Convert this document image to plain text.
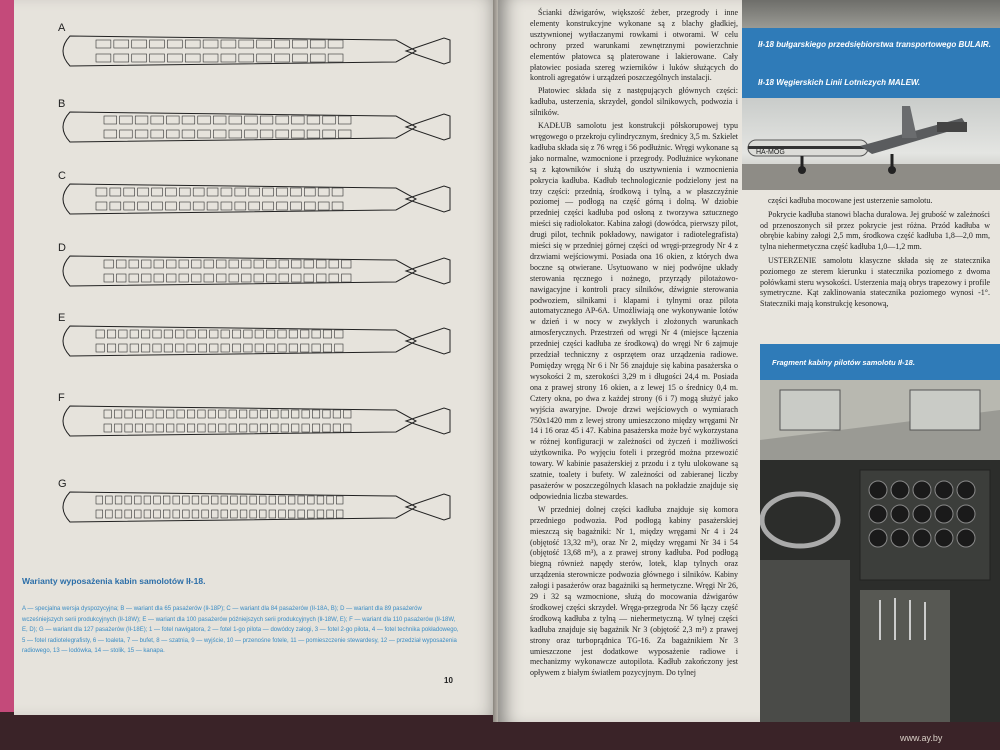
A
B
C
D
E
F
G
Warianty wyposażenia kabin samolotów Ił-18.
A — specjalna wersja dyspozycyjna; B — wariant dla 65 pasażerów (Ił-18P); C — wariant dla 84 pasażerów (Ił-18A, B); D — wariant dla 89 pasażerów wcześniejszych serii produkcyjnych (Ił-18W); E — wariant dla 100 pasażerów późniejszych serii produkcyjnych (Ił-18W, E); F — wariant dla 110 pasażerów (Ił-18W, E, D); G — wariant dla 127 pasażerów (Ił-18E); 1 — fotel nawigatora, 2 — fotel 1-go pilota — dowódcy załogi, 3 — fotel 2-go pilota, 4 — fotel technika pokładowego, 5 — fotel radiotelegrafisty, 6 — toaleta, 7 — bufet, 8 — szatnia, 9 — wyjście, 10 — przenośne fotele, 11 — pomieszczenie stewardesy, 12 — przedział wyposażenia radiowego, 13 — lodówka, 14 — stolik, 15 — kanapa.
10

Ścianki dźwigarów, większość żeber, przegrody i inne elementy konstrukcyjne wykonane są z blachy gładkiej, usztywnionej wytłaczanymi rowkami i otworami. W celu ochrony przed warunkami zewnętrznymi powierzchnie elementów płatowca są platerowane i lakierowane. Cały płatowiec posiada szereg wzierników i luków służących do kontroli agregatów i urządzeń poszczególnych instalacji.

Płatowiec składa się z następujących głównych części: kadłuba, usterzenia, skrzydeł, gondol silnikowych, podwozia i silników.

KADŁUB samolotu jest konstrukcji półskorupowej typu wręgowego o przekroju cylindrycznym, średnicy 3,5 m. Szkielet kadłuba składa się z 76 wręg i 56 podłużnic. Wręgi wykonane są jako normalne, wzmocnione i przegrody. Podłużnice wykonane są z kątowników i służą do usztywnienia i wzmocnienia pokrycia kadłuba. Kadłub technologicznie podzielony jest na trzy części: przednią, środkową i tylną, a w płaszczyźnie poziomej — podłogą na część górną i dolną. W dziobie przedniej części kadłuba pod osłoną z tworzywa sztucznego mieści się radiolokator. Kabina załogi (dowódca, pierwszy pilot, drugi pilot, technik pokładowy, nawigator i radiotelegrafista) mieści się w przedniej górnej części od wręgi-przegrody Nr 4 z drzwiami wejściowymi. Posiada ona 16 okien, z których dwa boczne są otwierane. Usytuowano w niej podwójne układy sterowania ręcznego i nożnego, przyrządy pilotażowo-nawigacyjne i kontroli pracy silników, dźwignie sterowania podwoziem, silnikami i klapami i tylnymi oraz pilota automatycznego AP-6A. Umożliwiają one wykonywanie lotów w dzień i w nocy w zwykłych i złożonych warunkach atmosferycznych. Przestrzeń od wręgi Nr 4 (miejsce łączenia przedniej części kadłuba ze środkową) do wręgi Nr 6 zajmuje przedział techniczny z osprzętem oraz urządzenia radiowe. Pomiędzy wręgą Nr 6 i Nr 56 znajduje się kabina pasażerska o wysokości 2 m, szerokości 3,29 m i długości 24,4 m. Posiada ona z prawej strony 16 okien, a z lewej 15 o średnicy 0,4 m. Cztery okna, po dwa z każdej strony (6 i 7) mogą służyć jako wyjścia awaryjne. Dwoje drzwi wejściowych o wymiarach 750x1420 mm z lewej strony umieszczono między wręgami Nr 14 i 16 oraz 45 i 47. Kabina pasażerska może być wykorzystana w różnej konfiguracji w zależności od życzeń i możliwości użytkownika. Po wyjęciu foteli i przegród można przewozić towary. W kabinie pasażerskiej z przodu i z tyłu ulokowane są szatnie, toalety i bufety. W zależności od zabieranej liczby pasażerów w poszczególnych klasach na pokładzie znajduje się odpowiednia liczba stewardes.

W przedniej dolnej części kadłuba znajduje się komora przedniego podwozia. Pod podłogą kabiny pasażerskiej mieszczą się bagażniki: Nr 1, między wręgami Nr 4 i 24 (objętość 13,32 m³), oraz Nr 2, między wręgami Nr 34 i 54 (objętość 13,68 m³), a z prawej strony kadłuba. Pod podłogą biegną również napędy sterów, lotek, klap tylnych oraz urządzenia sterownicze podwozia głównego i silników. Kabiny załogi i pasażerów oraz bagażniki są hermetyczne. Wręgi Nr 26, 29 i 32 są wzmocnione, służą do mocowania dźwigarów środkowej części skrzydeł. Wręga-przegroda Nr 56 łączy część środkową kadłuba z tylną — niehermetyczną. W tylnej części kadłuba znajduje się bagażnik Nr 3 (objętość 2,3 m³) z prawej strony oraz turboprądnica TG-16. Za bagażnikiem Nr 3 umieszczone jest dodatkowe wyposażenie radiowe i mechanizmy wykonawcze autopilota. Kadłub zakończony jest opływem z białym światłem pozycyjnym. Do tylnej

Ił-18 bułgarskiego przedsiębiorstwa transportowego BULAIR.
Ił-18 Węgierskich Linii Lotniczych MALEW.
HA-MOG

części kadłuba mocowane jest usterzenie samolotu.

Pokrycie kadłuba stanowi blacha duralowa. Jej grubość w zależności od przenoszonych sił przez pokrycie jest różna. Przód kadłuba w obrębie kabiny załogi 2,5 mm, środkowa część kadłuba 1,8—2,0 mm, tylna niehermetyczna część kadłuba 1,0—1,2 mm.

USTERZENIE samolotu klasyczne składa się ze statecznika poziomego ze sterem kierunku i statecznika poziomego z dwoma połówkami steru wysokości. Usterzenia mają obrys trapezowy i profile symetryczne. Kąt zaklinowania statecznika poziomego wynosi -1°. Stateczniki mają konstrukcję kesonową,

Fragment kabiny pilotów samolotu Ił-18.
www.ay.by
